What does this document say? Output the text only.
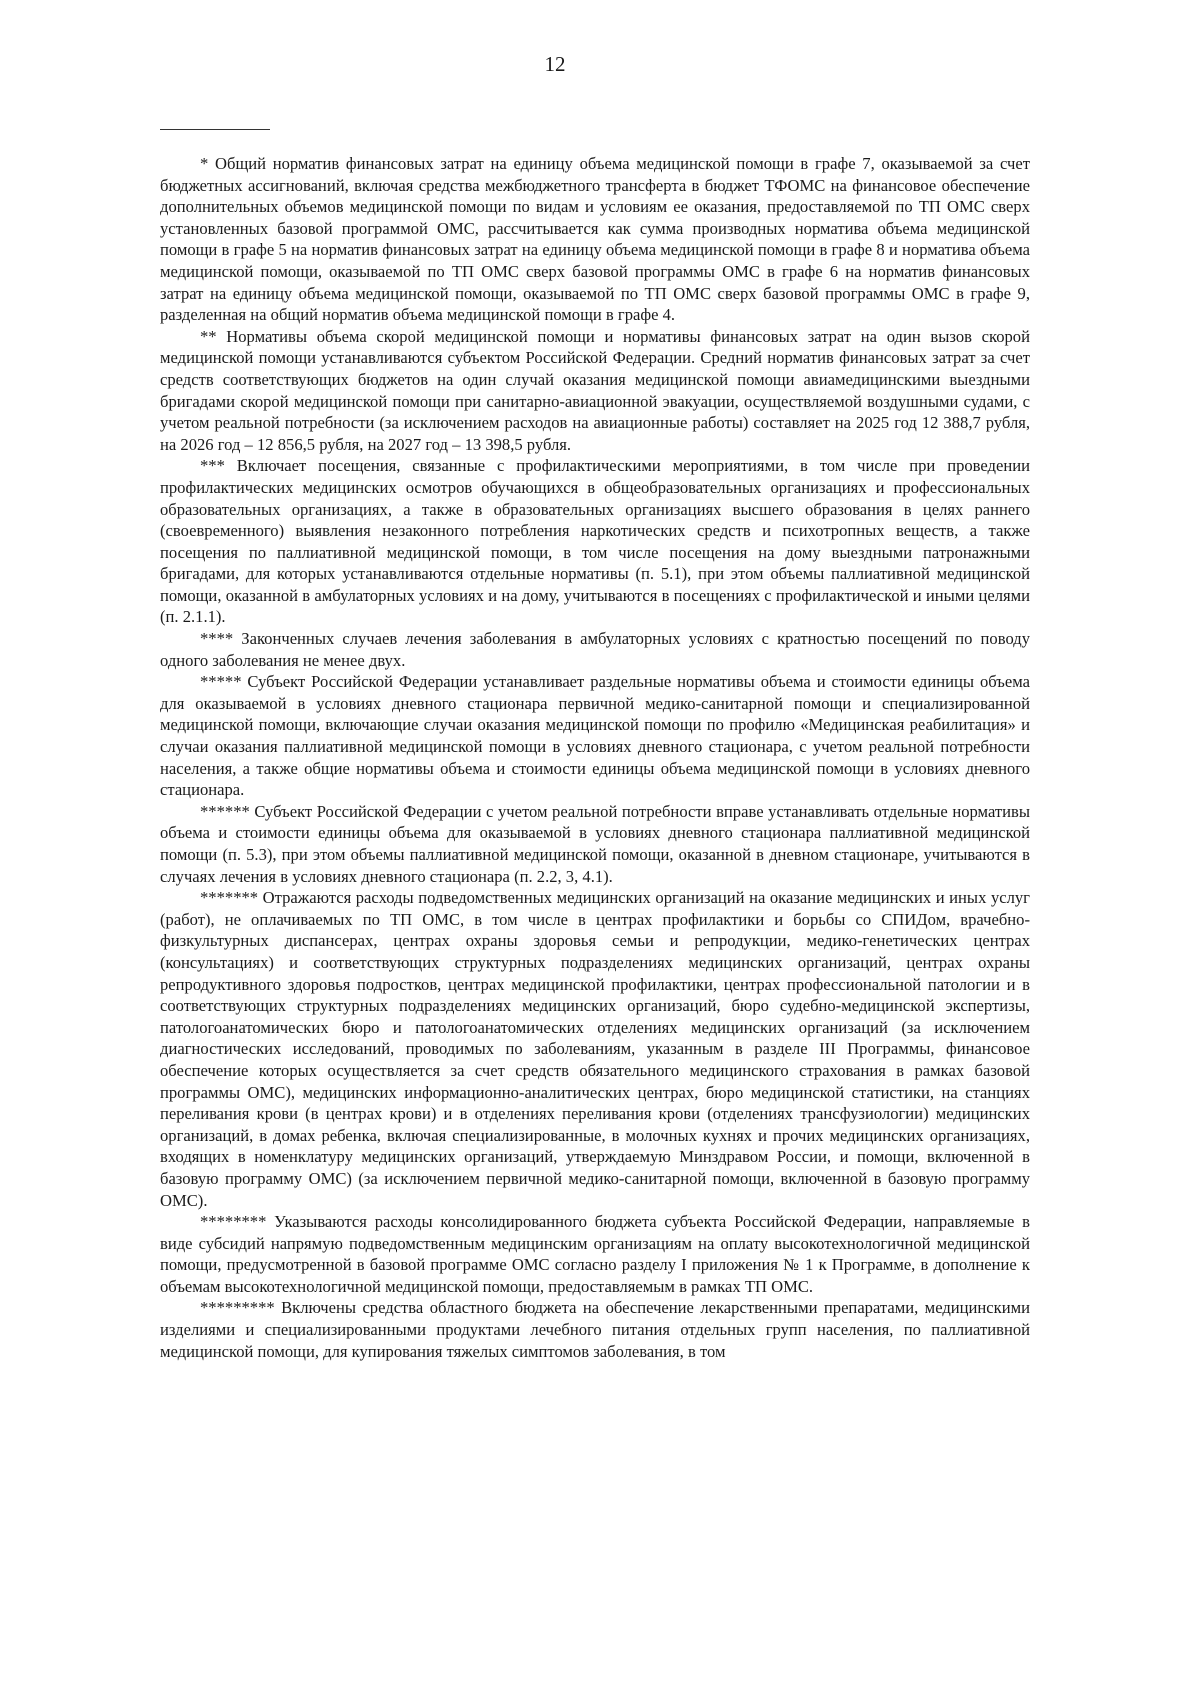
12

* Общий норматив финансовых затрат на единицу объема медицинской помощи в графе 7, оказываемой за счет бюджетных ассигнований, включая средства межбюджетного трансферта в бюджет ТФОМС на финансовое обеспечение дополнительных объемов медицинской помощи по видам и условиям ее оказания, предоставляемой по ТП ОМС сверх установленных базовой программой ОМС, рассчитывается как сумма производных норматива объема медицинской помощи в графе 5 на норматив финансовых затрат на единицу объема медицинской помощи в графе 8 и норматива объема медицинской помощи, оказываемой по ТП ОМС сверх базовой программы ОМС в графе 6 на норматив финансовых затрат на единицу объема медицинской помощи, оказываемой по ТП ОМС сверх базовой программы ОМС в графе 9, разделенная на общий норматив объема медицинской помощи в графе 4.

** Нормативы объема скорой медицинской помощи и нормативы финансовых затрат на один вызов скорой медицинской помощи устанавливаются субъектом Российской Федерации. Средний норматив финансовых затрат за счет средств соответствующих бюджетов на один случай оказания медицинской помощи авиамедицинскими выездными бригадами скорой медицинской помощи при санитарно-авиационной эвакуации, осуществляемой воздушными судами, с учетом реальной потребности (за исключением расходов на авиационные работы) составляет на 2025 год 12 388,7 рубля, на 2026 год – 12 856,5 рубля, на 2027 год – 13 398,5 рубля.

*** Включает посещения, связанные с профилактическими мероприятиями, в том числе при проведении профилактических медицинских осмотров обучающихся в общеобразовательных организациях и профессиональных образовательных организациях, а также в образовательных организациях высшего образования в целях раннего (своевременного) выявления незаконного потребления наркотических средств и психотропных веществ, а также посещения по паллиативной медицинской помощи, в том числе посещения на дому выездными патронажными бригадами, для которых устанавливаются отдельные нормативы (п. 5.1), при этом объемы паллиативной медицинской помощи, оказанной в амбулаторных условиях и на дому, учитываются в посещениях с профилактической и иными целями (п. 2.1.1).

**** Законченных случаев лечения заболевания в амбулаторных условиях с кратностью посещений по поводу одного заболевания не менее двух.

***** Субъект Российской Федерации устанавливает раздельные нормативы объема и стоимости единицы объема для оказываемой в условиях дневного стационара первичной медико-санитарной помощи и специализированной медицинской помощи, включающие случаи оказания медицинской помощи по профилю «Медицинская реабилитация» и случаи оказания паллиативной медицинской помощи в условиях дневного стационара, с учетом реальной потребности населения, а также общие нормативы объема и стоимости единицы объема медицинской помощи в условиях дневного стационара.

****** Субъект Российской Федерации с учетом реальной потребности вправе устанавливать отдельные нормативы объема и стоимости единицы объема для оказываемой в условиях дневного стационара паллиативной медицинской помощи (п. 5.3), при этом объемы паллиативной медицинской помощи, оказанной в дневном стационаре, учитываются в случаях лечения в условиях дневного стационара (п. 2.2, 3, 4.1).

******* Отражаются расходы подведомственных медицинских организаций на оказание медицинских и иных услуг (работ), не оплачиваемых по ТП ОМС, в том числе в центрах профилактики и борьбы со СПИДом, врачебно-физкультурных диспансерах, центрах охраны здоровья семьи и репродукции, медико-генетических центрах (консультациях) и соответствующих структурных подразделениях медицинских организаций, центрах охраны репродуктивного здоровья подростков, центрах медицинской профилактики, центрах профессиональной патологии и в соответствующих структурных подразделениях медицинских организаций, бюро судебно-медицинской экспертизы, патологоанатомических бюро и патологоанатомических отделениях медицинских организаций (за исключением диагностических исследований, проводимых по заболеваниям, указанным в разделе III Программы, финансовое обеспечение которых осуществляется за счет средств обязательного медицинского страхования в рамках базовой программы ОМС), медицинских информационно-аналитических центрах, бюро медицинской статистики, на станциях переливания крови (в центрах крови) и в отделениях переливания крови (отделениях трансфузиологии) медицинских организаций, в домах ребенка, включая специализированные, в молочных кухнях и прочих медицинских организациях, входящих в номенклатуру медицинских организаций, утверждаемую Минздравом России, и помощи, включенной в базовую программу ОМС) (за исключением первичной медико-санитарной помощи, включенной в базовую программу ОМС).

******** Указываются расходы консолидированного бюджета субъекта Российской Федерации, направляемые в виде субсидий напрямую подведомственным медицинским организациям на оплату высокотехнологичной медицинской помощи, предусмотренной в базовой программе ОМС согласно разделу I приложения № 1 к Программе, в дополнение к объемам высокотехнологичной медицинской помощи, предоставляемым в рамках ТП ОМС.

********* Включены средства областного бюджета на обеспечение лекарственными препаратами, медицинскими изделиями и специализированными продуктами лечебного питания отдельных групп населения, по паллиативной медицинской помощи, для купирования тяжелых симптомов заболевания, в том
